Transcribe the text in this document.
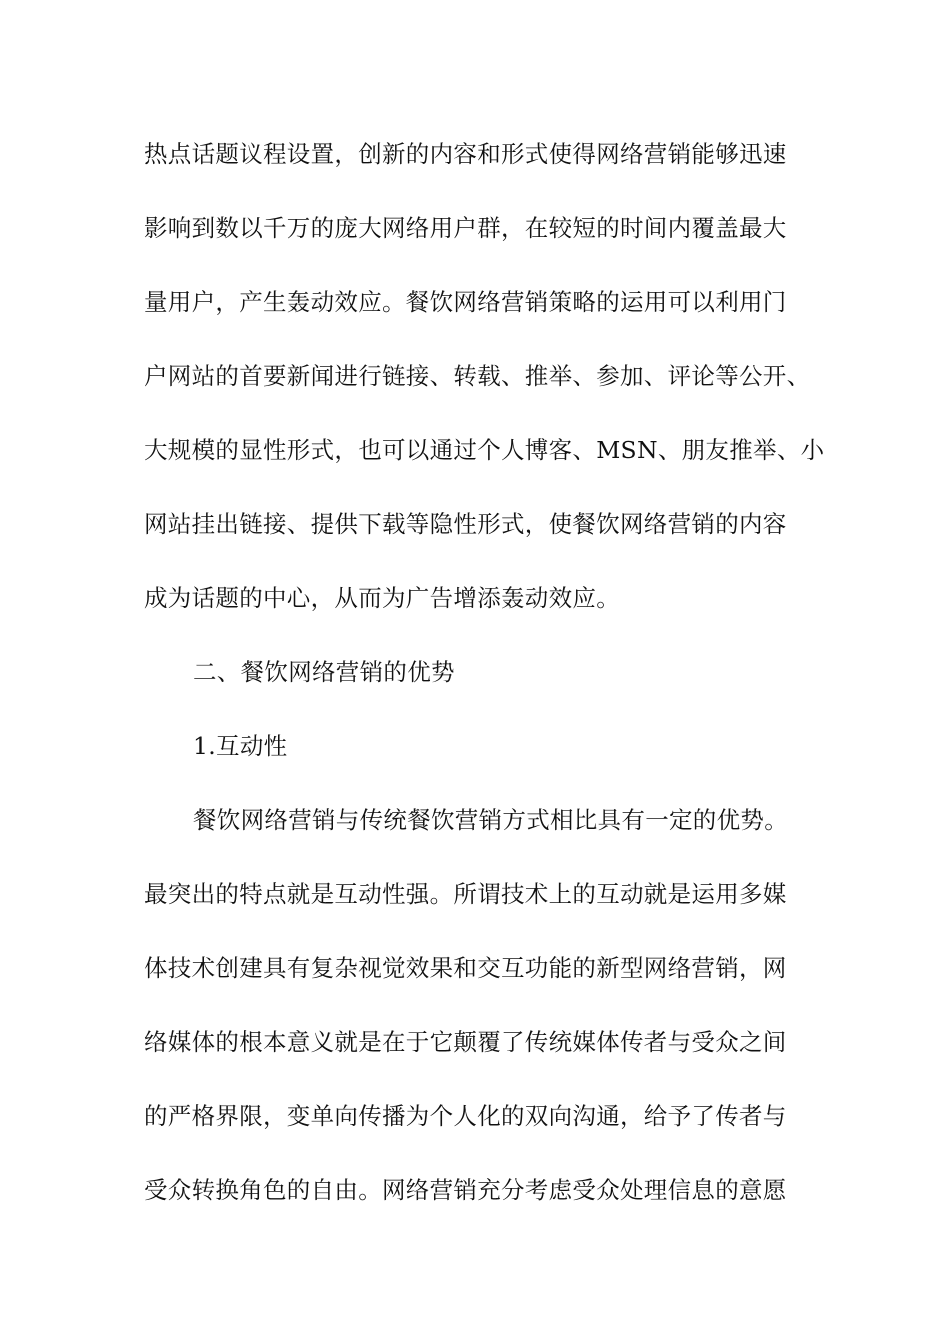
热点话题议程设置，创新的内容和形式使得网络营销能够迅速
影响到数以千万的庞大网络用户群，在较短的时间内覆盖最大
量用户，产生轰动效应。餐饮网络营销策略的运用可以利用门
户网站的首要新闻进行链接、转载、推举、参加、评论等公开、
大规模的显性形式，也可以通过个人博客、MSN、朋友推举、小
网站挂出链接、提供下载等隐性形式，使餐饮网络营销的内容
成为话题的中心，从而为广告增添轰动效应。
二、餐饮网络营销的优势
1.互动性
餐饮网络营销与传统餐饮营销方式相比具有一定的优势。
最突出的特点就是互动性强。所谓技术上的互动就是运用多媒
体技术创建具有复杂视觉效果和交互功能的新型网络营销，网
络媒体的根本意义就是在于它颠覆了传统媒体传者与受众之间
的严格界限，变单向传播为个人化的双向沟通，给予了传者与
受众转换角色的自由。网络营销充分考虑受众处理信息的意愿
